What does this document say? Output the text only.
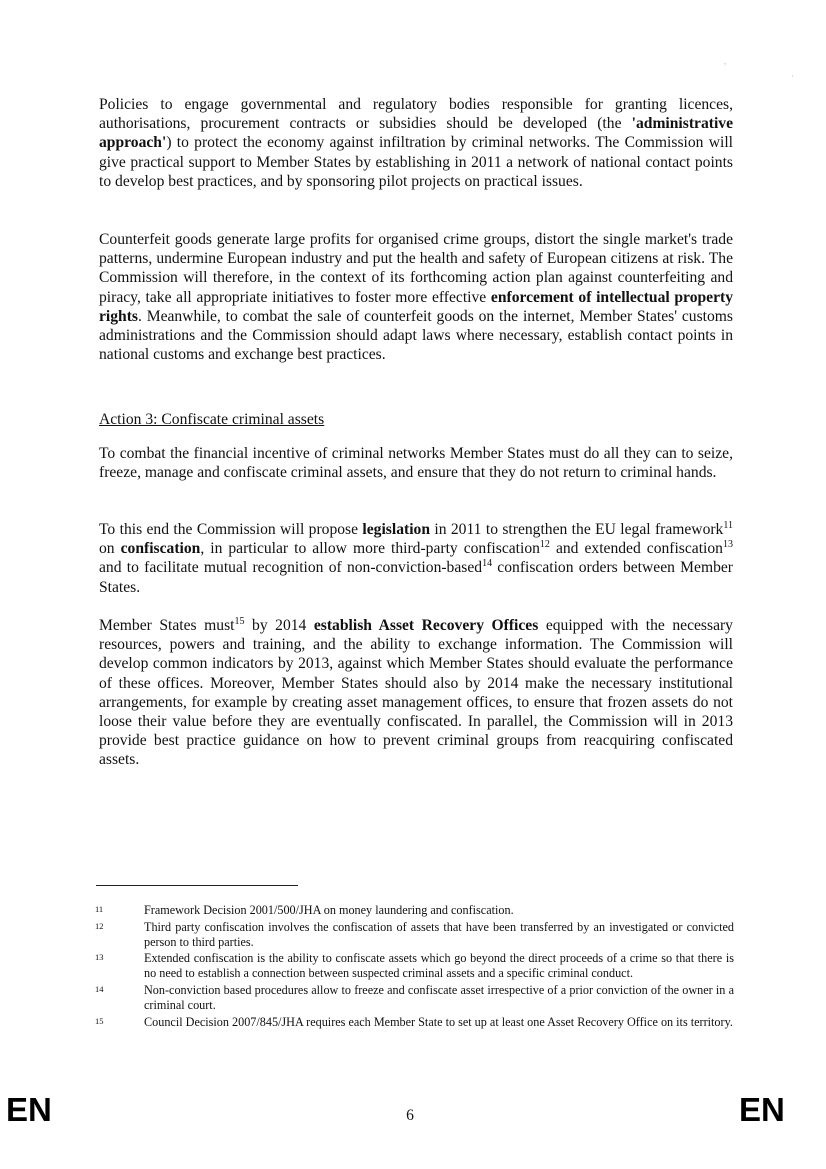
,
·

Policies to engage governmental and regulatory bodies responsible for granting licences, authorisations, procurement contracts or subsidies should be developed (the 'administrative approach') to protect the economy against infiltration by criminal networks. The Commission will give practical support to Member States by establishing in 2011 a network of national contact points to develop best practices, and by sponsoring pilot projects on practical issues.

Counterfeit goods generate large profits for organised crime groups, distort the single market's trade patterns, undermine European industry and put the health and safety of European citizens at risk. The Commission will therefore, in the context of its forthcoming action plan against counterfeiting and piracy, take all appropriate initiatives to foster more effective enforcement of intellectual property rights. Meanwhile, to combat the sale of counterfeit goods on the internet, Member States' customs administrations and the Commission should adapt laws where necessary, establish contact points in national customs and exchange best practices.

Action 3: Confiscate criminal assets

To combat the financial incentive of criminal networks Member States must do all they can to seize, freeze, manage and confiscate criminal assets, and ensure that they do not return to criminal hands.

To this end the Commission will propose legislation in 2011 to strengthen the EU legal framework$^{11}$ on confiscation, in particular to allow more third-party confiscation$^{12}$ and extended confiscation$^{13}$ and to facilitate mutual recognition of non-conviction-based$^{14}$ confiscation orders between Member States.

Member States must$^{15}$ by 2014 establish Asset Recovery Offices equipped with the necessary resources, powers and training, and the ability to exchange information. The Commission will develop common indicators by 2013, against which Member States should evaluate the performance of these offices. Moreover, Member States should also by 2014 make the necessary institutional arrangements, for example by creating asset management offices, to ensure that frozen assets do not loose their value before they are eventually confiscated. In parallel, the Commission will in 2013 provide best practice guidance on how to prevent criminal groups from reacquiring confiscated assets.

11	Framework Decision 2001/500/JHA on money laundering and confiscation.
12	Third party confiscation involves the confiscation of assets that have been transferred by an investigated or convicted person to third parties.
13	Extended confiscation is the ability to confiscate assets which go beyond the direct proceeds of a crime so that there is no need to establish a connection between suspected criminal assets and a specific criminal conduct.
14	Non-conviction based procedures allow to freeze and confiscate asset irrespective of a prior conviction of the owner in a criminal court.
15	Council Decision 2007/845/JHA requires each Member State to set up at least one Asset Recovery Office on its territory.
EN	6	EN
